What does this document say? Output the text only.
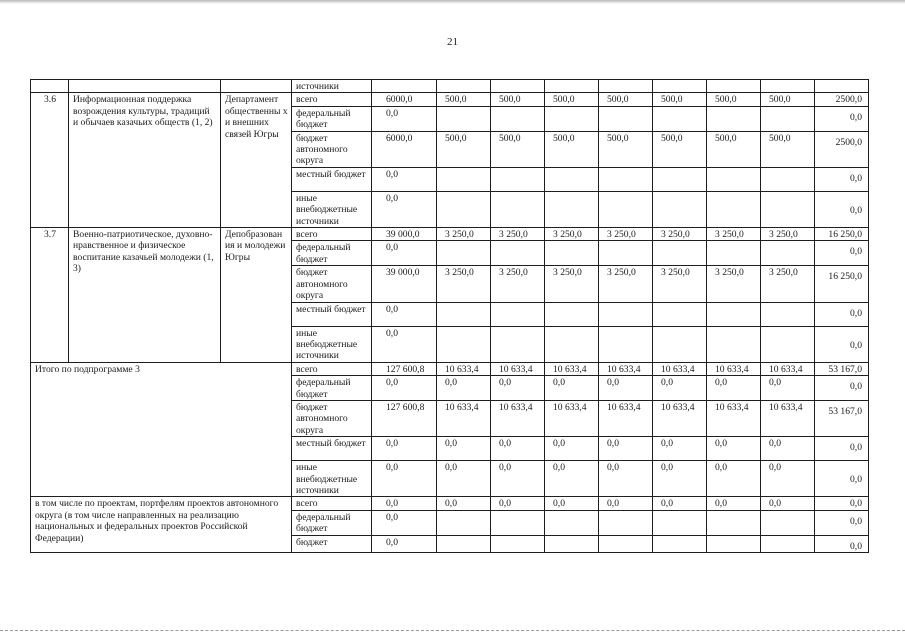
21
			источники									
3.6	Информационная поддержка возрождения культуры, традиций и обычаев казачьих обществ (1, 2)	Департамент общественны х и внешних связей Югры	всего	6000,0	500,0	500,0	500,0	500,0	500,0	500,0	500,0	2500,0
			федеральный бюджет	0,0								0,0

			бюджет автономного округа	6000,0	500,0	500,0	500,0	500,0	500,0	500,0	500,0	2500,0

			местный бюджет	0,0								0,0

			иные внебюджетные источники	0,0								0,0

3.7	Военно-патриотическое, духовно-нравственное и физическое воспитание казачьей молодежи (1, 3)	Депобразован ия и молодежи Югры	всего	39 000,0	3 250,0	3 250,0	3 250,0	3 250,0	3 250,0	3 250,0	3 250,0	16 250,0
			федеральный бюджет	0,0								0,0

			бюджет автономного округа	39 000,0	3 250,0	3 250,0	3 250,0	3 250,0	3 250,0	3 250,0	3 250,0	16 250,0

			местный бюджет	0,0								0,0

			иные внебюджетные источники	0,0								0,0

Итого по подпрограмме 3			всего	127 600,8	10 633,4	10 633,4	10 633,4	10 633,4	10 633,4	10 633,4	10 633,4	53 167,0
			федеральный бюджет	0,0	0,0	0,0	0,0	0,0	0,0	0,0	0,0	0,0

			бюджет автономного округа	127 600,8	10 633,4	10 633,4	10 633,4	10 633,4	10 633,4	10 633,4	10 633,4	53 167,0

			местный бюджет	0,0	0,0	0,0	0,0	0,0	0,0	0,0	0,0	0,0

			иные внебюджетные источники	0,0	0,0	0,0	0,0	0,0	0,0	0,0	0,0	0,0

в том числе по проектам, портфелям проектов автономного округа (в том числе направленных на реализацию национальных и федеральных проектов Российской Федерации)			всего	0,0	0,0	0,0	0,0	0,0	0,0	0,0	0,0	0,0
			федеральный бюджет	0,0								0,0

			бюджет	0,0								0,0
